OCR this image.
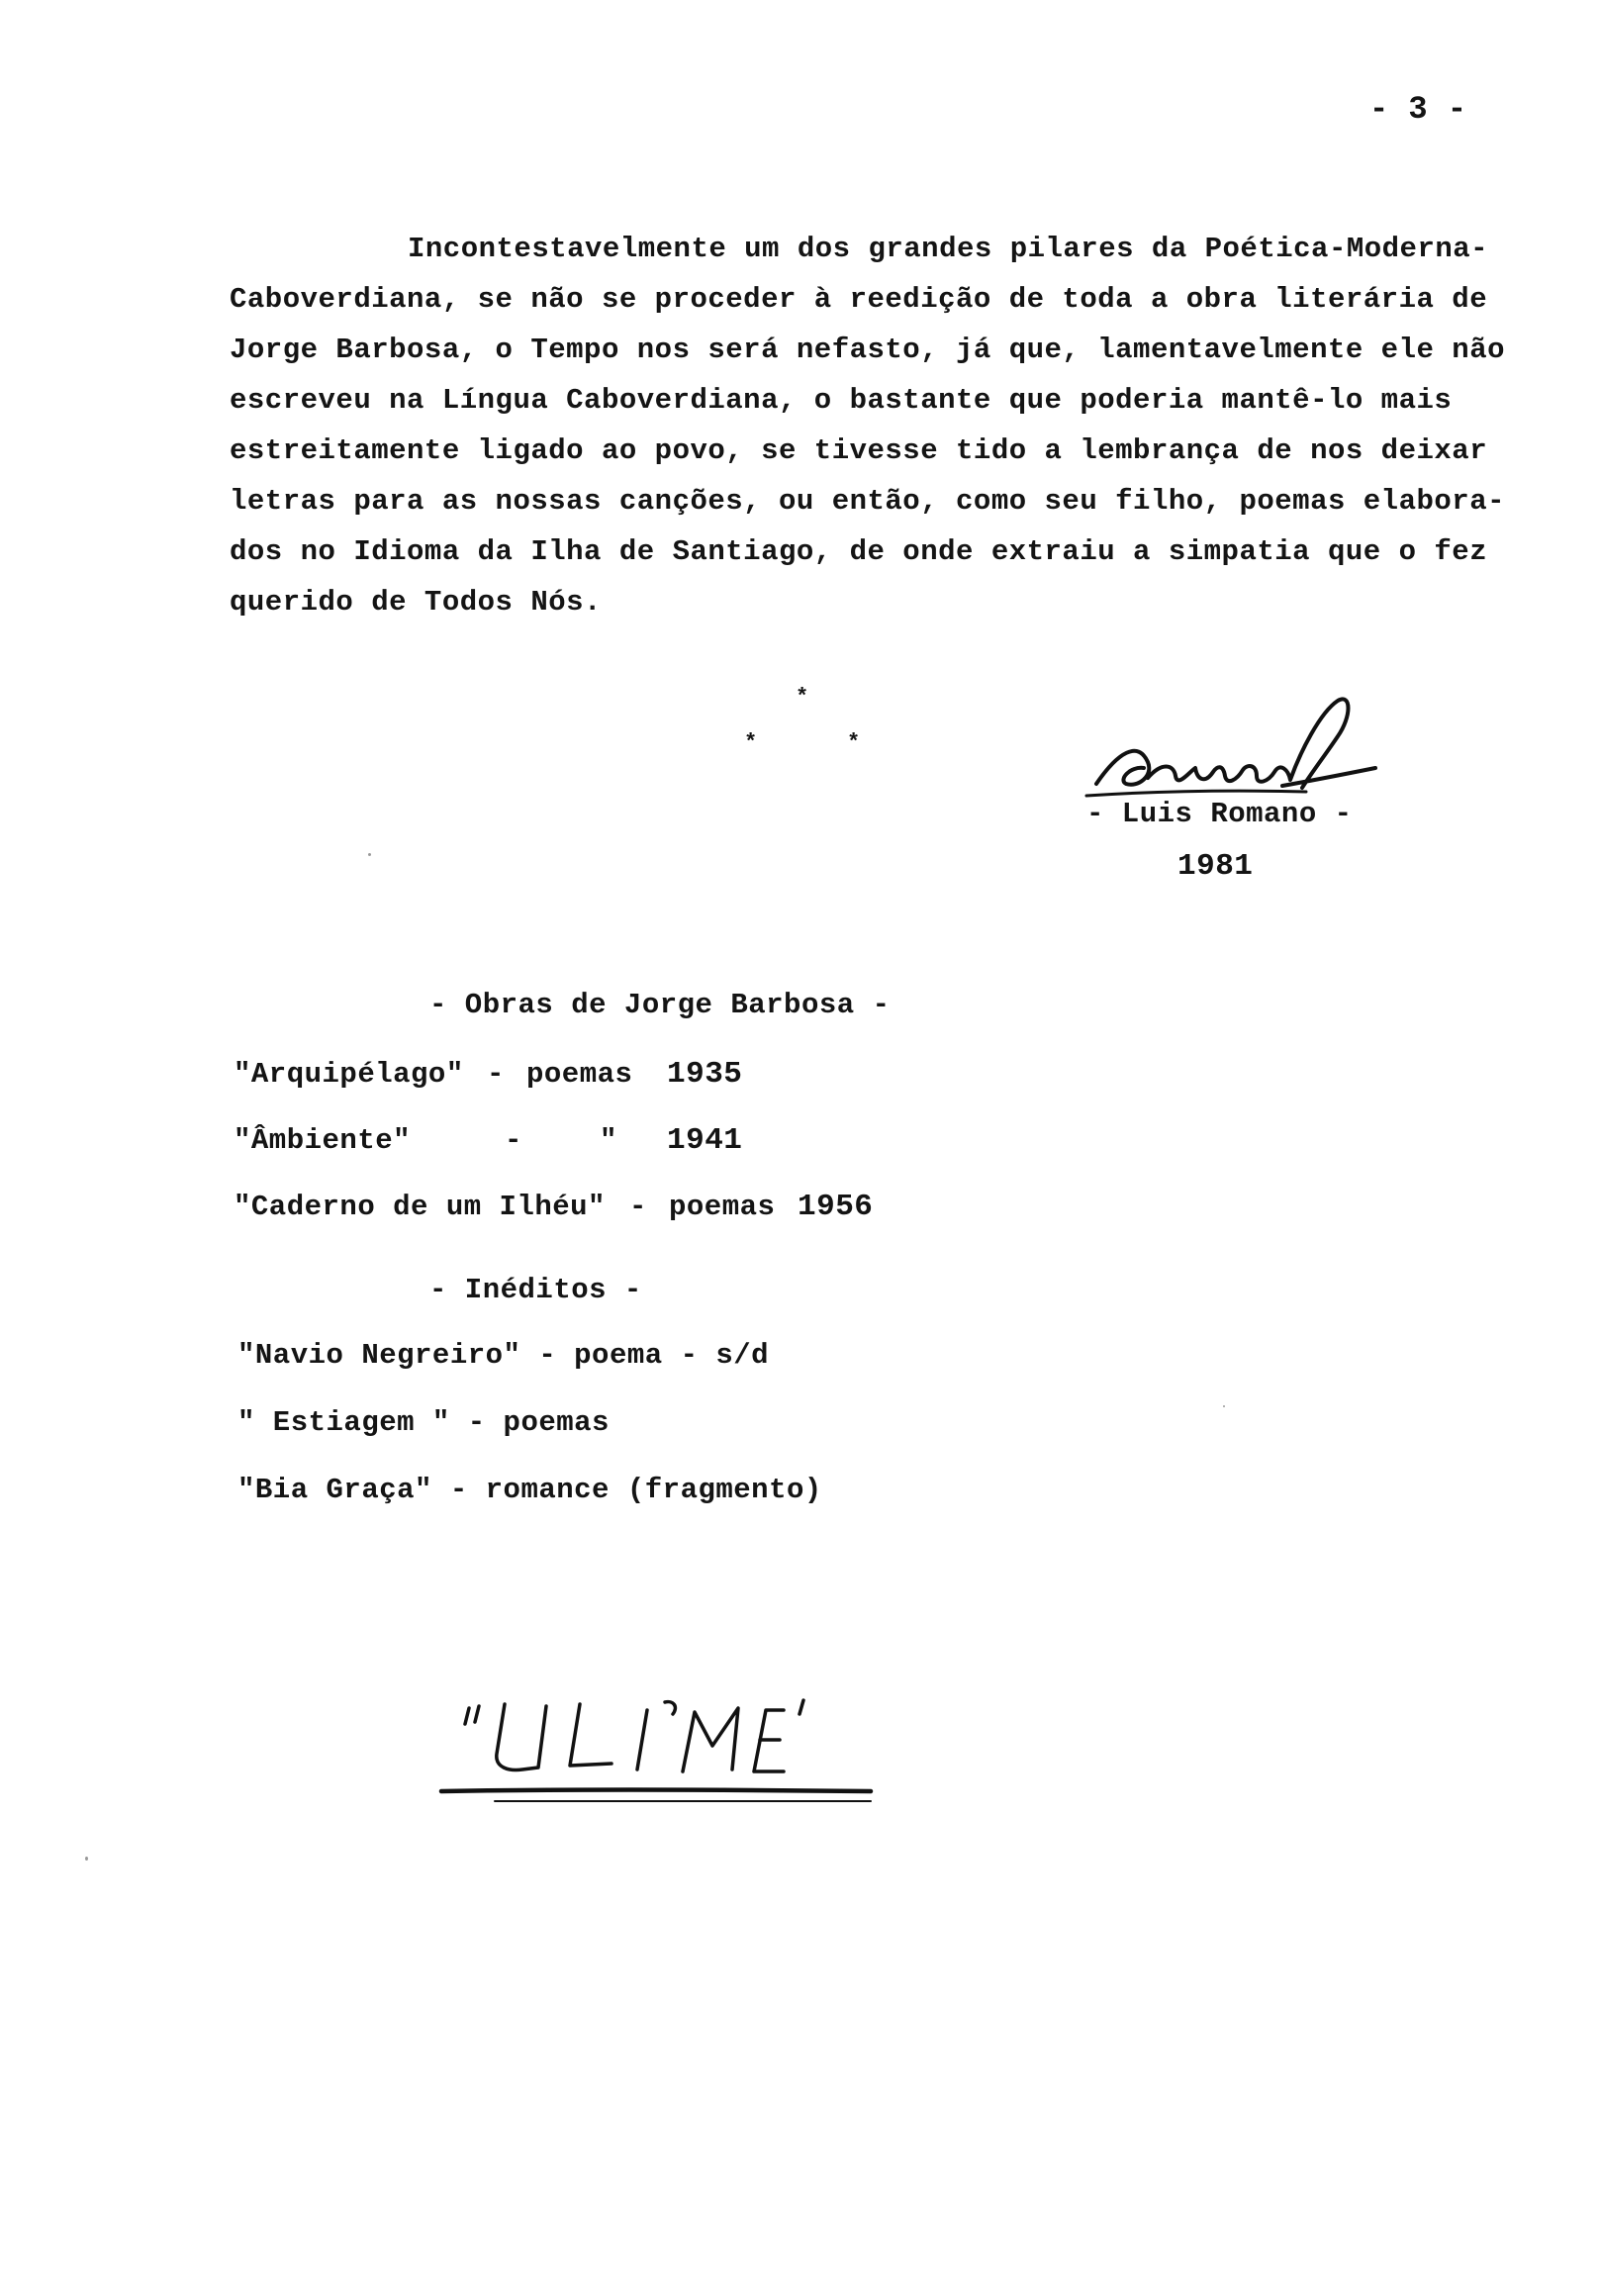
- 3 -
Incontestavelmente um dos grandes pilares da Poética-Moderna-
Caboverdiana, se não se proceder à reedição de toda a obra literária de
Jorge Barbosa, o Tempo nos será nefasto, já que, lamentavelmente ele não
escreveu na Língua Caboverdiana, o bastante que poderia mantê-lo mais
estreitamente ligado ao povo, se tivesse tido a lembrança de nos deixar
letras para as nossas canções, ou então, como seu filho, poemas elabora-
dos no Idioma da Ilha de Santiago, de onde extraiu a simpatia que o fez
querido de Todos Nós.
*
*	*
- Luis Romano -
1981
- Obras de Jorge Barbosa -
"Arquipélago" - poemas 1935
"Âmbiente"	-	" 1941
"Caderno de um Ilhéu" - poemas 1956
- Inéditos -
"Navio Negreiro" - poema - s/d
" Estiagem " - poemas
"Bia Graça" - romance (fragmento)
